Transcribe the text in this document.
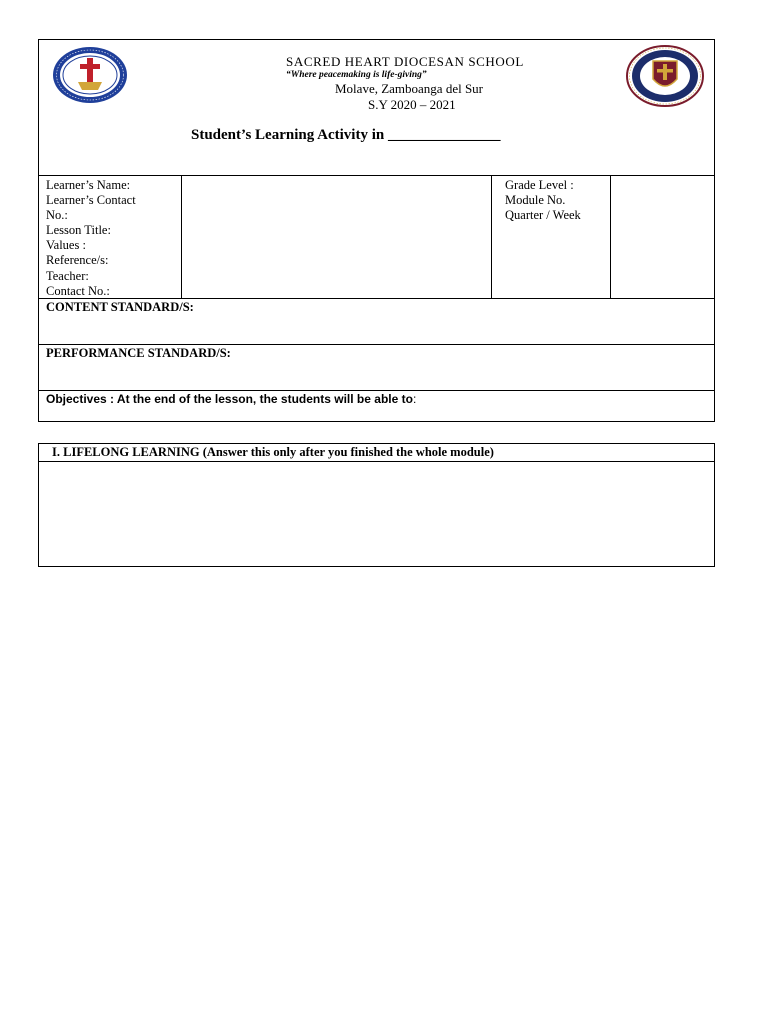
SACRED HEART DIOCESAN SCHOOL
“Where peacemaking is life-giving”
Molave, Zamboanga del Sur
S.Y 2020 – 2021
Student’s Learning Activity in _______________
Learner’s Name:
Learner’s Contact
No.:
Lesson Title:
Values :
Reference/s:
Teacher:
Contact No.:
Grade Level :
Module No.
Quarter / Week
CONTENT STANDARD/S:
PERFORMANCE STANDARD/S:
Objectives : At the end of the lesson, the students will be able to:
I. LIFELONG LEARNING (Answer this only after you finished the whole module)
